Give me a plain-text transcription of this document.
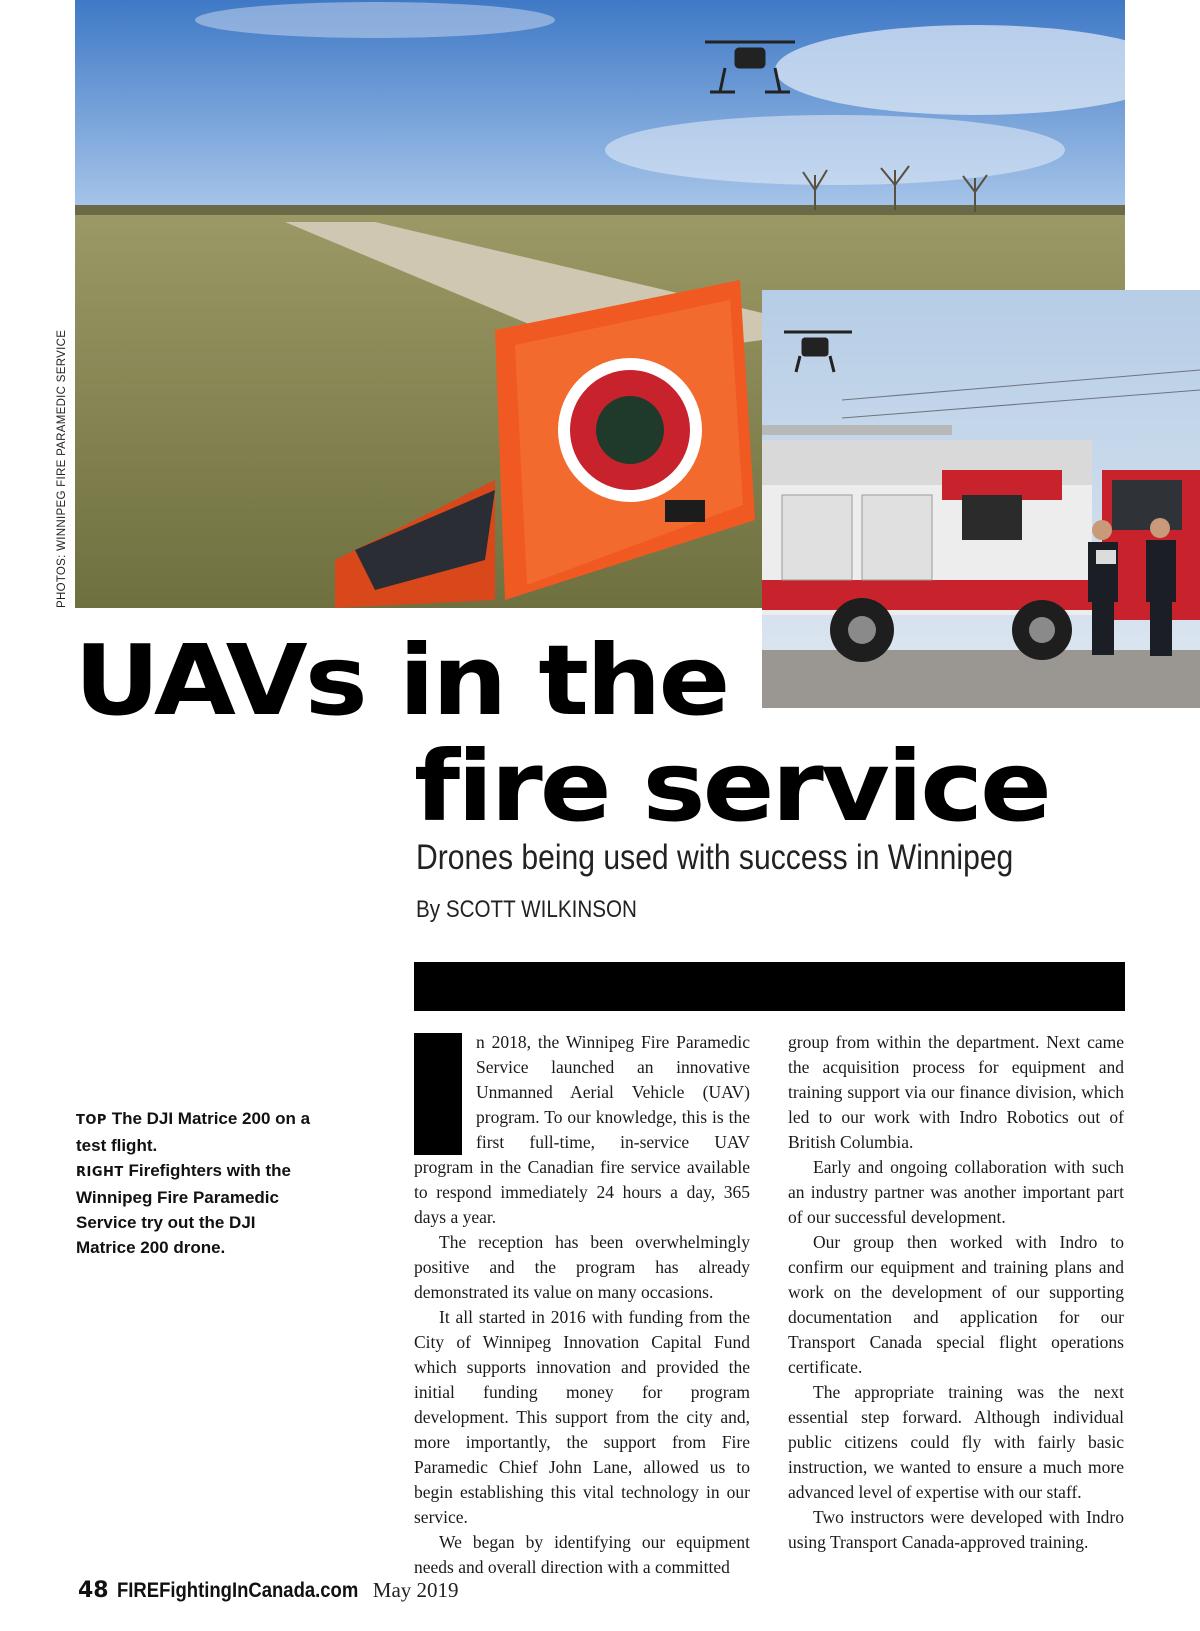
PHOTOS: WINNIPEG FIRE PARAMEDIC SERVICE
UAVs in the
fire service
Drones being used with success in Winnipeg
By SCOTT WILKINSON
TOP The DJI Matrice 200 on a test flight.
RIGHT Firefighters with the Winnipeg Fire Paramedic Service try out the DJI Matrice 200 drone.

n 2018, the Winnipeg Fire Paramedic Service launched an innovative Unmanned Aerial Vehicle (UAV) program. To our knowledge, this is the first full-time, in-service UAV program in the Canadian fire service available to respond immediately 24 hours a day, 365 days a year.

The reception has been overwhelmingly positive and the program has already demonstrated its value on many occasions.

It all started in 2016 with funding from the City of Winnipeg Innovation Capital Fund which supports innovation and provided the initial funding money for program development. This support from the city and, more importantly, the support from Fire Paramedic Chief John Lane, allowed us to begin establishing this vital technology in our service.

We began by identifying our equipment needs and overall direction with a committed

group from within the department. Next came the acquisition process for equipment and training support via our finance division, which led to our work with Indro Robotics out of British Columbia.

Early and ongoing collaboration with such an industry partner was another important part of our successful development.

Our group then worked with Indro to confirm our equipment and training plans and work on the development of our supporting documentation and application for our Transport Canada special flight operations certificate.

The appropriate training was the next essential step forward. Although individual public citizens could fly with fairly basic instruction, we wanted to ensure a much more advanced level of expertise with our staff.

Two instructors were developed with Indro using Transport Canada-approved training.

48 FIREFightingInCanada.com May 2019
